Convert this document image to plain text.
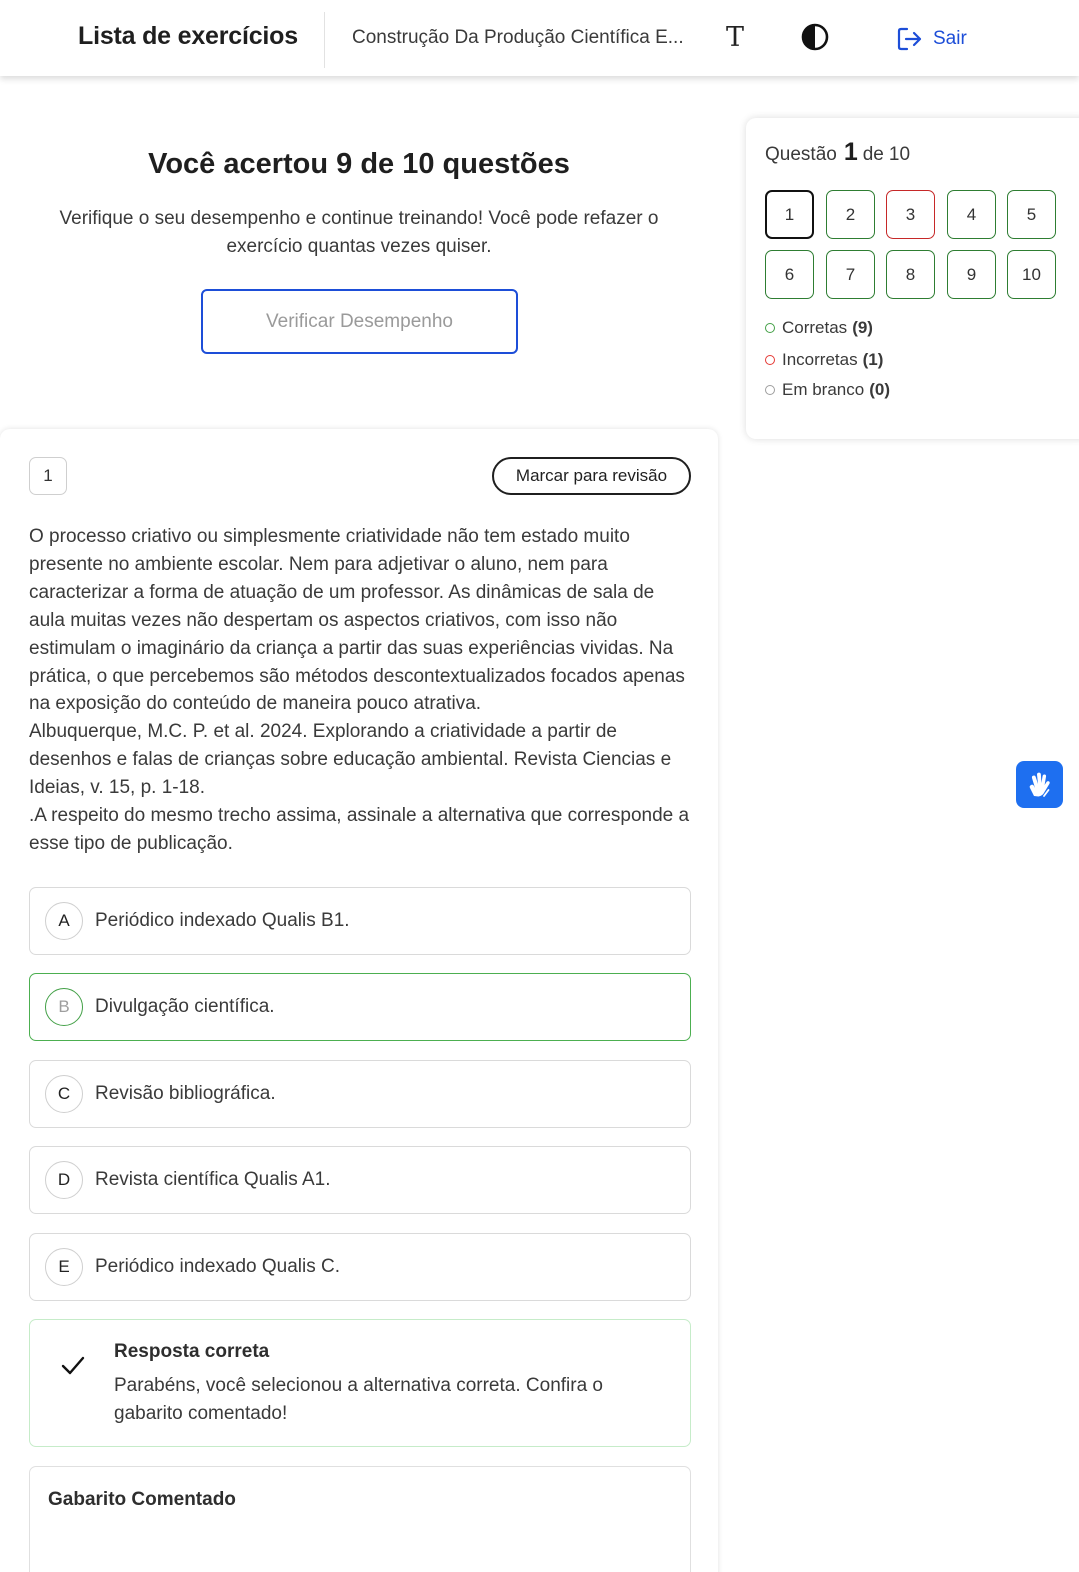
Lista de exercícios	Construção Da Produção Científica E... T	Sair
Você acertou 9 de 10 questões
Verifique o seu desempenho e continue treinando! Você pode refazer o exercício quantas vezes quiser.
Verificar Desempenho
1	Marcar para revisão

O processo criativo ou simplesmente criatividade não tem estado muito presente no ambiente escolar. Nem para adjetivar o aluno, nem para caracterizar a forma de atuação de um professor. As dinâmicas de sala de aula muitas vezes não despertam os aspectos criativos, com isso não estimulam o imaginário da criança a partir das suas experiências vividas. Na prática, o que percebemos são métodos descontextualizados focados apenas na exposição do conteúdo de maneira pouco atrativa.

Albuquerque, M.C. P. et al. 2024. Explorando a criatividade a partir de desenhos e falas de crianças sobre educação ambiental. Revista Ciencias e Ideias, v. 15, p. 1-18.

.A respeito do mesmo trecho assima, assinale a alternativa que corresponde a esse tipo de publicação.

A	Periódico indexado Qualis B1.
B	Divulgação científica.
C	Revisão bibliográfica.
D	Revista científica Qualis A1.
E	Periódico indexado Qualis C.
Resposta correta
Parabéns, você selecionou a alternativa correta. Confira o gabarito comentado!
Gabarito Comentado
Questão 1 de 10
1	2	3	4	5
6	7	8	9	10
Corretas (9)
Incorretas (1)
Em branco (0)
